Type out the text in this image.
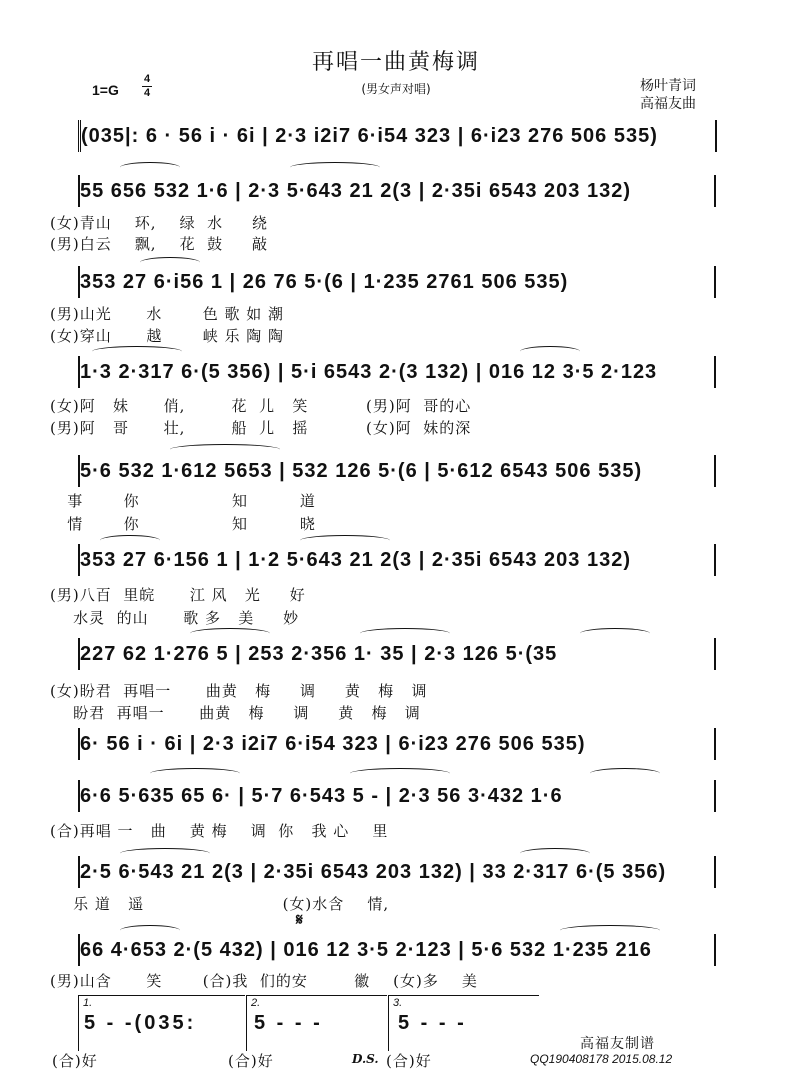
再唱一曲黄梅调
(男女声对唱)
1=G
4
4	杨叶青词
高福友曲
(035|: 6 · 56 i · 6i | 2·3 i2i7 6·i54 323 | 6·i23 276 506 535)
55 656 532 1·6 | 2·3 5·643 21 2(3 | 2·35i 6543 203 132)
(女)青山    环,    绿  水     绕
(男)白云    飘,    花  鼓     敲
353 27 6·i56 1 | 26 76 5·(6 | 1·235 2761 506 535)
(男)山光      水       色 歌 如 潮
(女)穿山      越       峡 乐 陶 陶
1·3 2·317 6·(5 356) | 5·i 6543 2·(3 132) | 016 12 3·5 2·123
(女)阿   妹      俏,        花  儿   笑          (男)阿  哥的心
(男)阿   哥      壮,        船  儿   摇          (女)阿  妹的深
5·6 532 1·612 5653 | 532 126 5·(6 | 5·612 6543 506 535)
事       你                知         道
情       你                知         晓
353 27 6·156 1 | 1·2 5·643 21 2(3 | 2·35i 6543 203 132)
(男)八百  里皖      江 风   光     好
水灵  的山      歌 多   美     妙
227 62 1·276 5 | 253 2·356 1· 35 | 2·3 126 5·(35
(女)盼君  再唱一      曲黄   梅     调     黄   梅   调
盼君  再唱一      曲黄   梅     调     黄   梅   调
6· 56 i · 6i | 2·3 i2i7 6·i54 323 | 6·i23 276 506 535)
6·6 5·635 65 6· | 5·7 6·543 5 - | 2·3 56 3·432 1·6
(合)再唱 一   曲    黄 梅    调  你   我 心    里
2·5 6·543 21 2(3 | 2·35i 6543 203 132) | 33 2·317 6·(5 356)
乐 道   遥                        (女)水含    情,
𝄋
66 4·653 2·(5 432) | 016 12 3·5 2·123 | 5·6 532 1·235 216
(男)山含      笑       (合)我  们的安        徽    (女)多    美
1.	2.	3.
5 - -(035:	5 - - -	5 - - -
(合)好	(合)好	D.S. (合)好
高福友制谱
QQ190408178 2015.08.12
